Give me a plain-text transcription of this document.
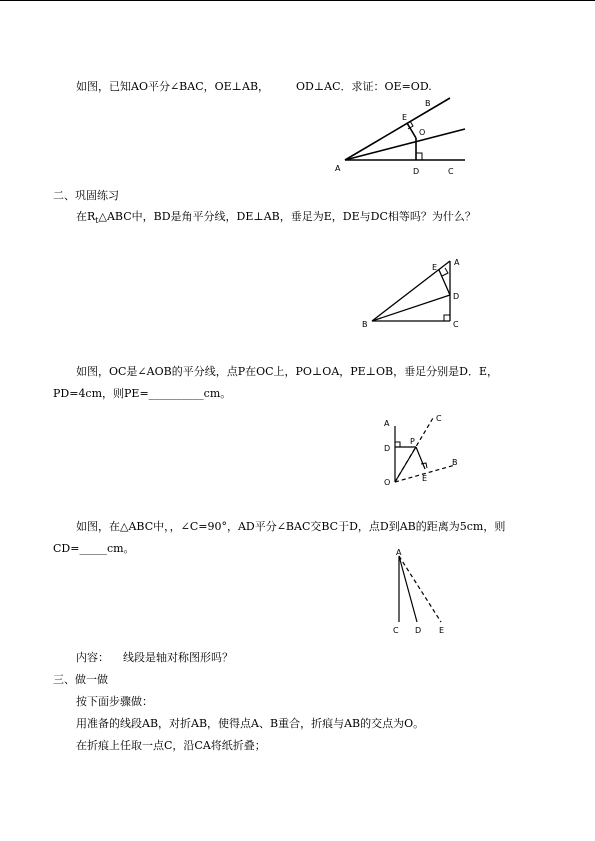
如图，已知AO平分∠BAC，OE⊥AB， OD⊥AC．求证：OE=OD.
A
B
E
O
D	C
二、巩固练习
在$R_t\triangle ABC$中，BD是角平分线，DE⊥AB，垂足为E，DE与DC相等吗？为什么？
E
A
D
B	C
如图，OC是∠AOB的平分线，点P在OC上，PO⊥OA，PE⊥OB，垂足分别是D．E，
PD=4cm，则PE=__________cm。
A
C
D
P
B
E
O
如图，在△ABC中，，∠C=90°，AD平分∠BAC交BC于D，点D到AB的距离为5cm，则
CD=_____cm。	A
C D E
内容： 线段是轴对称图形吗？
三、做一做
按下面步骤做：
用准备的线段AB，对折AB，使得点A、B重合，折痕与AB的交点为O。
在折痕上任取一点C，沿CA将纸折叠；
